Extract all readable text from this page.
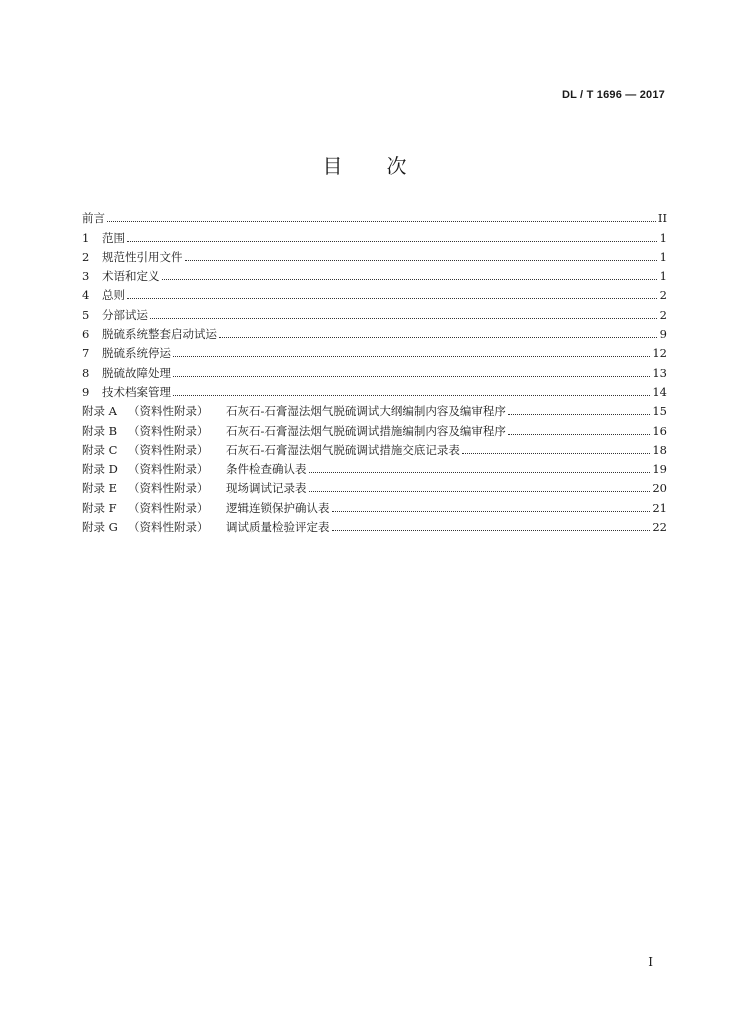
DL / T 1696 — 2017
目次
前言	II
1	范围	1
2	规范性引用文件	1
3	术语和定义	1
4	总则	2
5	分部试运	2
6	脱硫系统整套启动试运	9
7	脱硫系统停运	12
8	脱硫故障处理	13
9	技术档案管理	14
附录 A （资料性附录）	石灰石-石膏湿法烟气脱硫调试大纲编制内容及编审程序	15
附录 B （资料性附录）	石灰石-石膏湿法烟气脱硫调试措施编制内容及编审程序	16
附录 C （资料性附录）	石灰石-石膏湿法烟气脱硫调试措施交底记录表	18
附录 D （资料性附录）	条件检查确认表	19
附录 E （资料性附录）	现场调试记录表	20
附录 F （资料性附录）	逻辑连锁保护确认表	21
附录 G （资料性附录）	调试质量检验评定表	22
I
